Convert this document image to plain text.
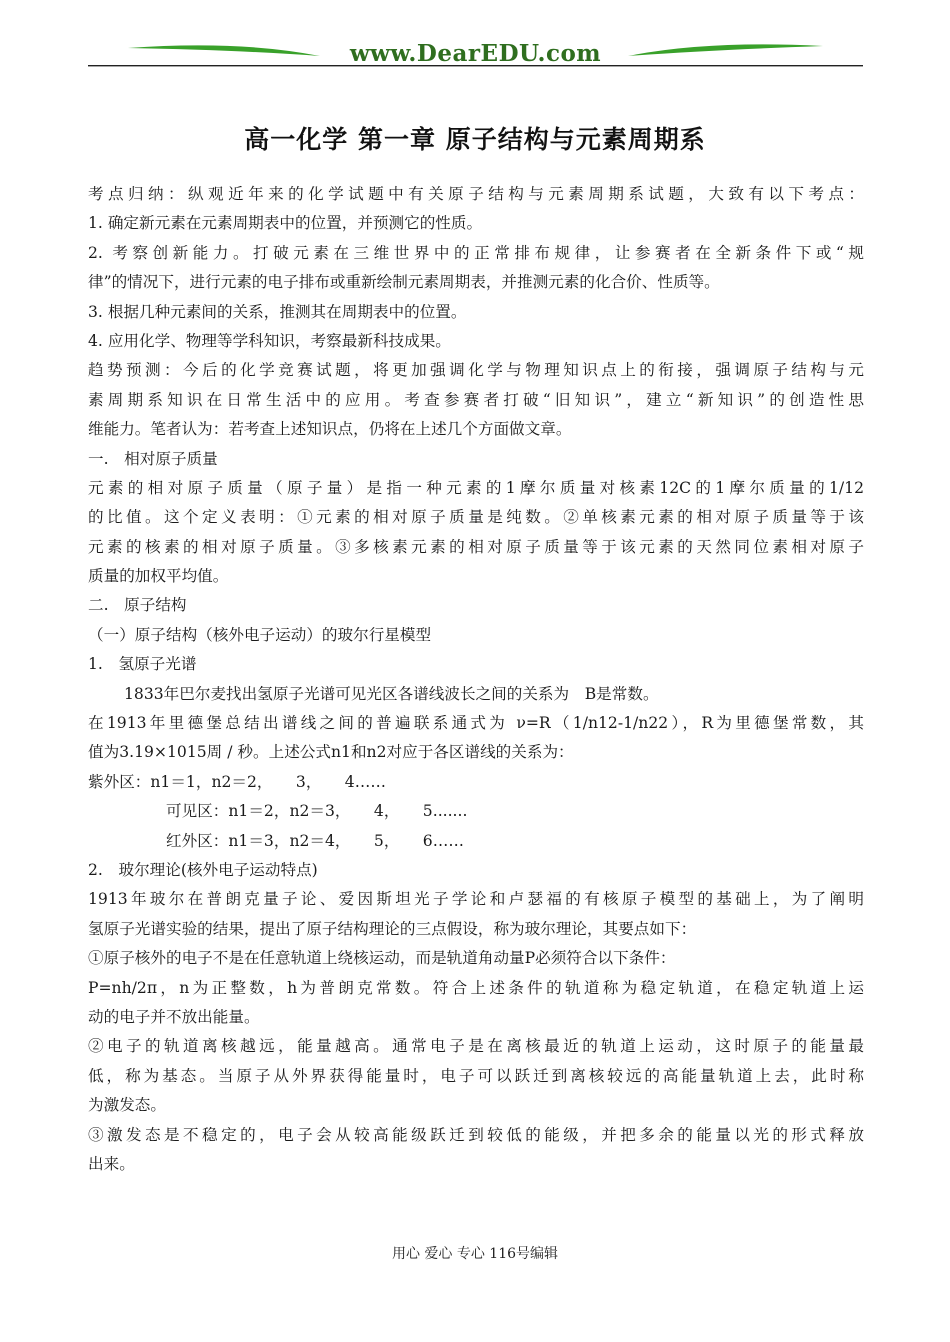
www.DearEDU.com
高一化学 第一章 原子结构与元素周期系
考点归纳：纵观近年来的化学试题中有关原子结构与元素周期系试题，大致有以下考点：
1. 确定新元素在元素周期表中的位置，并预测它的性质。
2. 考察创新能力。打破元素在三维世界中的正常排布规律，让参赛者在全新条件下或“规
律”的情况下，进行元素的电子排布或重新绘制元素周期表，并推测元素的化合价、性质等。
3. 根据几种元素间的关系，推测其在周期表中的位置。
4. 应用化学、物理等学科知识，考察最新科技成果。
趋势预测：今后的化学竞赛试题，将更加强调化学与物理知识点上的衔接，强调原子结构与元
素周期系知识在日常生活中的应用。考查参赛者打破“旧知识”，建立“新知识”的创造性思
维能力。笔者认为：若考查上述知识点，仍将在上述几个方面做文章。
一.　相对原子质量
元素的相对原子质量（原子量）是指一种元素的1摩尔质量对核素12C的1摩尔质量的1/12
的比值。这个定义表明：①元素的相对原子质量是纯数。②单核素元素的相对原子质量等于该
元素的核素的相对原子质量。③多核素元素的相对原子质量等于该元素的天然同位素相对原子
质量的加权平均值。
二.　原子结构
（一）原子结构（核外电子运动）的玻尔行星模型
1.　氢原子光谱
1833年巴尔麦找出氢原子光谱可见光区各谱线波长之间的关系为　B是常数。
在1913年里德堡总结出谱线之间的普遍联系通式为 ν=R（1/n12-1/n22），R为里德堡常数，其
值为3.19×1015周 / 秒。上述公式n1和n2对应于各区谱线的关系为：
紫外区：n1＝1，n2＝2，　　3，　　4……
可见区：n1＝2，n2＝3，　　4，　　5.......
红外区：n1＝3，n2＝4，　　5，　　6……
2.　玻尔理论(核外电子运动特点)
1913年玻尔在普朗克量子论、爱因斯坦光子学论和卢瑟福的有核原子模型的基础上，为了阐明
氢原子光谱实验的结果，提出了原子结构理论的三点假设，称为玻尔理论，其要点如下：
①原子核外的电子不是在任意轨道上绕核运动，而是轨道角动量P必须符合以下条件：
P=nh/2π，n为正整数，h为普朗克常数。符合上述条件的轨道称为稳定轨道，在稳定轨道上运
动的电子并不放出能量。
②电子的轨道离核越远，能量越高。通常电子是在离核最近的轨道上运动，这时原子的能量最
低，称为基态。当原子从外界获得能量时，电子可以跃迁到离核较远的高能量轨道上去，此时称
为激发态。
③激发态是不稳定的，电子会从较高能级跃迁到较低的能级，并把多余的能量以光的形式释放
出来。
用心 爱心 专心 116号编辑
